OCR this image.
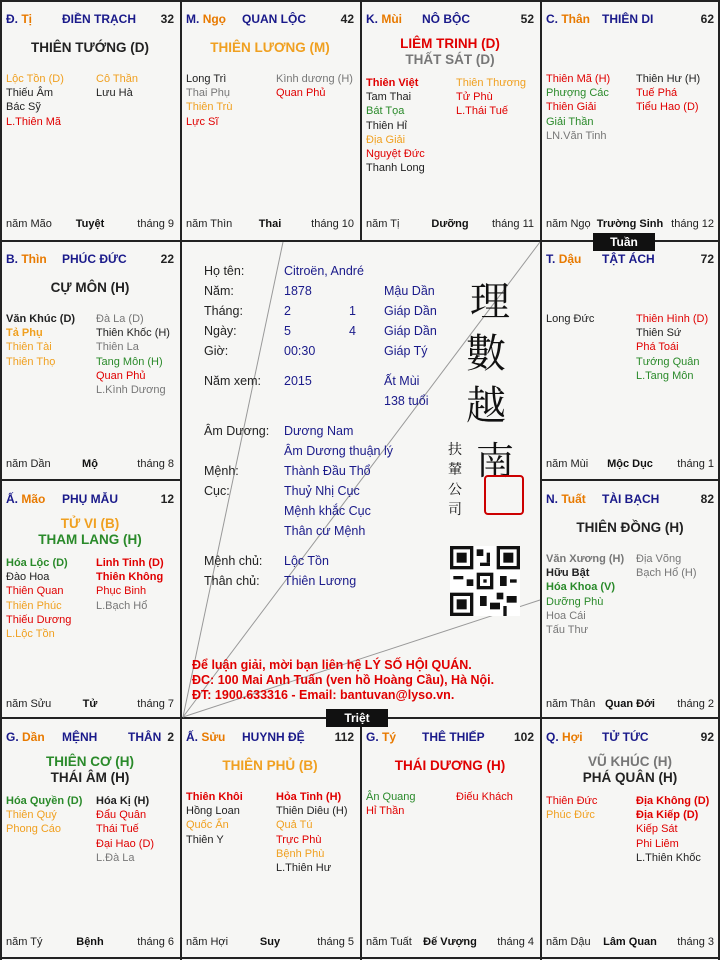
Đ. Tị ĐIỀN TRẠCH 32
THIÊN TƯỚNG (D)
Lộc Tồn (D)
Thiếu Âm
Bác Sỹ
L.Thiên Mã
Cô Thần
Lưu Hà
năm Mão	Tuyệt	tháng 9
M. Ngọ QUAN LỘC	42
THIÊN LƯƠNG (M)
Long Trì
Thai Phụ
Thiên Trù
Lực Sĩ
Kình dương (H)
Quan Phủ
năm Thìn	Thai	tháng 10
K. Mùi NÔ BỘC	52
LIÊM TRINH (D)
THẤT SÁT (D)
Thiên Việt
Tam Thai
Bát Tọa
Thiên Hỉ
Địa Giải
Nguyệt Đức
Thanh Long
Thiên Thương
Tử Phù
L.Thái Tuế
năm Tị	Dưỡng	tháng 11
C. Thân THIÊN DI	62
Thiên Mã (H)
Phượng Các
Thiên Giải
Giải Thần
LN.Văn Tinh
Thiên Hư (H)
Tuế Phá
Tiểu Hao (D)
năm Ngọ Trường Sinh tháng 12
B. Thìn PHÚC ĐỨC	22
CỰ MÔN (H)
Văn Khúc (D)
Tả Phụ
Thiên Tài
Thiên Thọ
Đà La (D)
Thiên Khốc (H)
Thiên La
Tang Môn (H)
Quan Phủ
L.Kình Dương
năm Dần	Mộ	tháng 8
T. Dậu TẬT ÁCH	72
Long Đức	Thiên Hình (D)
Thiên Sứ
Phá Toái
Tướng Quân
L.Tang Môn
năm Mùi	Mộc Dục	tháng 1
Ấ. Mão PHỤ MẪU	12
TỬ VI (B)
THAM LANG (H)
Hóa Lộc (D)
Đào Hoa
Thiên Quan
Thiên Phúc
Thiếu Dương
L.Lộc Tồn
Linh Tinh (D)
Thiên Không
Phục Binh
L.Bạch Hổ
năm Sửu	Tử	tháng 7
N. Tuất TÀI BẠCH	82
THIÊN ĐỒNG (H)
Văn Xương (H)
Hữu Bật
Hóa Khoa (V)
Dưỡng Phù
Hoa Cái
Tấu Thư
Địa Võng
Bạch Hổ (H)
năm Thân Quan Đới	tháng 2
G. Dần MỆNH	THÂN 2
THIÊN CƠ (H)
THÁI ÂM (H)
Hóa Quyền (D)
Thiên Quý
Phong Cáo
Hóa Kị (H)
Đẩu Quân
Thái Tuế
Đại Hao (D)
L.Đà La
năm Tý	Bệnh	tháng 6
Ấ. Sửu HUYNH ĐỆ 112
THIÊN PHỦ (B)
Thiên Khôi
Hồng Loan
Quốc Ấn
Thiên Y
Hỏa Tinh (H)
Thiên Diêu (H)
Quả Tú
Trực Phù
Bệnh Phù
L.Thiên Hư
năm Hợi	Suy	tháng 5
G. Tý THÊ THIẾP 102
THÁI DƯƠNG (H)
Ân Quang
Hỉ Thần
Điếu Khách
năm Tuất	Đế Vượng	tháng 4
Q. Hợi TỬ TỨC	92
VŨ KHÚC (H)
PHÁ QUÂN (H)
Thiên Đức
Phúc Đức
Địa Không (D)
Địa Kiếp (D)
Kiếp Sát
Phi Liêm
L.Thiên Khốc
năm Dậu	Lâm Quan	tháng 3
Tuần
Triệt
Họ tên:	Citroën, André
Năm:	1878	Mậu Dần
Tháng:	2	1 Giáp Dần
Ngày:	5	4 Giáp Dần
Giờ:	00:30	Giáp Tý
Năm xem: 2015	Ất Mùi
138 tuổi
Âm Dương: Dương Nam
Âm Dương thuận lý
Mệnh:	Thành Đầu Thổ
Cục:	Thuỷ Nhị Cục
Mệnh khắc Cục
Thân cư Mệnh
Mệnh chủ: Lộc Tồn
Thân chủ: Thiên Lương
理
數
越
南
扶
輦
公
司
Để luận giải, mời bạn liên hệ LÝ SỐ HỘI QUÁN.
ĐC: 100 Mai Anh Tuấn (ven hồ Hoàng Cầu), Hà Nội.
ĐT: 1900.633316 - Email: bantuvan@lyso.vn.
